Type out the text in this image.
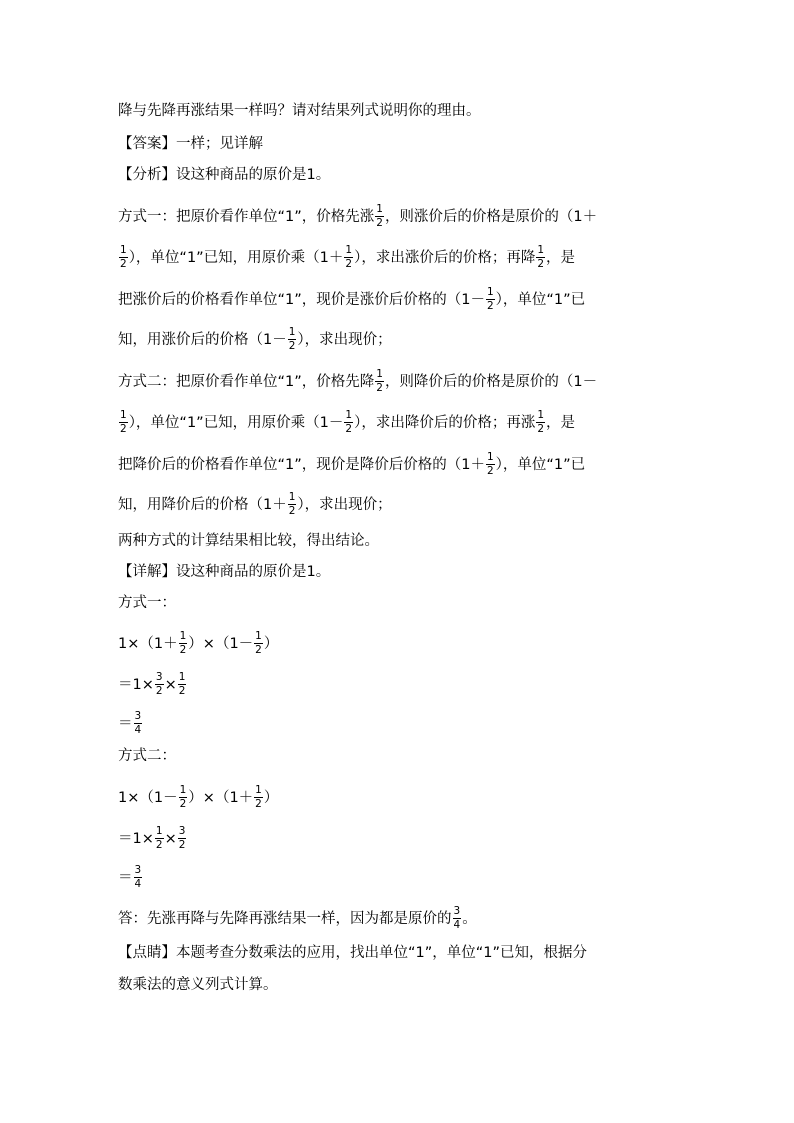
降与先降再涨结果一样吗？请对结果列式说明你的理由。
【答案】一样；见详解
【分析】设这种商品的原价是1。
方式一：把原价看作单位“1”，价格先涨 $\frac{1}{2}$ ，则涨价后的价格是原价的（1＋
$\frac{1}{2}$ ），单位“1”已知，用原价乘（$1+ \frac{1}{2}$ ），求出涨价后的价格；再降 $\frac{1}{2}$ ，是
把涨价后的价格看作单位“1”，现价是涨价后价格的（$1- \frac{1}{2}$ ），单位“1”已
知，用涨价后的价格（$1- \frac{1}{2}$ ），求出现价；
方式二：把原价看作单位“1”，价格先降 $\frac{1}{2}$ ，则降价后的价格是原价的（1－
$\frac{1}{2}$ ），单位“1”已知，用原价乘（$1- \frac{1}{2}$ ），求出降价后的价格；再涨 $\frac{1}{2}$ ，是
把降价后的价格看作单位“1”，现价是降价后价格的（$1+ \frac{1}{2}$ ），单位“1”已
知，用降价后的价格（$1+ \frac{1}{2}$ ），求出现价；
两种方式的计算结果相比较，得出结论。
【详解】设这种商品的原价是1。
方式一：
$1\times(1+ \frac{1}{2} )\times(1- \frac{1}{2}$ ）
$=1\times \frac{3}{2} \times \frac{1}{2}$
＝ $\frac{3}{4}$
方式二：
$1\times(1- \frac{1}{2} )\times(1+ \frac{1}{2}$ ）
$=1\times \frac{1}{2} \times \frac{3}{2}$
＝ $\frac{3}{4}$
答：先涨再降与先降再涨结果一样，因为都是原价的 $\frac{3}{4}$ 。
【点睛】本题考查分数乘法的应用，找出单位“1”，单位“1”已知，根据分
数乘法的意义列式计算。
